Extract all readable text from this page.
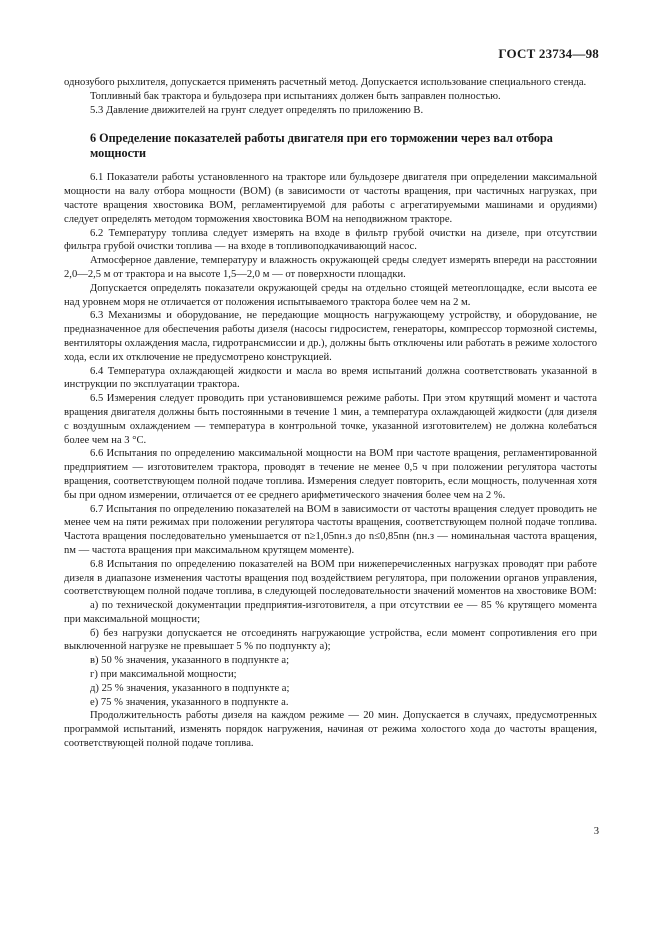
ГОСТ 23734—98

однозубого рыхлителя, допускается применять расчетный метод. Допускается использование специального стенда.

Топливный бак трактора и бульдозера при испытаниях должен быть заправлен полностью.

5.3 Давление движителей на грунт следует определять по приложению В.

6 Определение показателей работы двигателя при его торможении через вал отбора мощности

6.1 Показатели работы установленного на тракторе или бульдозере двигателя при определении максимальной мощности на валу отбора мощности (ВОМ) (в зависимости от частоты вращения, при частичных нагрузках, при частоте вращения хвостовика ВОМ, регламентируемой для работы с агрегатируемыми машинами и орудиями) следует определять методом торможения хвостовика ВОМ на неподвижном тракторе.

6.2 Температуру топлива следует измерять на входе в фильтр грубой очистки на дизеле, при отсутствии фильтра грубой очистки топлива — на входе в топливоподкачивающий насос.

Атмосферное давление, температуру и влажность окружающей среды следует измерять впереди на расстоянии 2,0—2,5 м от трактора и на высоте 1,5—2,0 м — от поверхности площадки.

Допускается определять показатели окружающей среды на отдельно стоящей метеоплощадке, если высота ее над уровнем моря не отличается от положения испытываемого трактора более чем на 2 м.

6.3 Механизмы и оборудование, не передающие мощность нагружающему устройству, и оборудование, не предназначенное для обеспечения работы дизеля (насосы гидросистем, генераторы, компрессор тормозной системы, вентиляторы охлаждения масла, гидротрансмиссии и др.), должны быть отключены или работать в режиме холостого хода, если их отключение не предусмотрено конструкцией.

6.4 Температура охлаждающей жидкости и масла во время испытаний должна соответствовать указанной в инструкции по эксплуатации трактора.

6.5 Измерения следует проводить при установившемся режиме работы. При этом крутящий момент и частота вращения двигателя должны быть постоянными в течение 1 мин, а температура охлаждающей жидкости (для дизеля с воздушным охлаждением — температура в контрольной точке, указанной изготовителем) не должна колебаться более чем на 3 °С.

6.6 Испытания по определению максимальной мощности на ВОМ при частоте вращения, регламентированной предприятием — изготовителем трактора, проводят в течение не менее 0,5 ч при положении регулятора частоты вращения, соответствующем полной подаче топлива. Измерения следует повторить, если мощность, полученная хотя бы при одном измерении, отличается от ее среднего арифметического значения более чем на 2 %.

6.7 Испытания по определению показателей на ВОМ в зависимости от частоты вращения следует проводить не менее чем на пяти режимах при положении регулятора частоты вращения, соответствующем полной подаче топлива. Частота вращения последовательно уменьшается от n≥1,05nн.з до n≤0,85nн (nн.з — номинальная частота вращения, nм — частота вращения при максимальном крутящем моменте).

6.8 Испытания по определению показателей на ВОМ при нижеперечисленных нагрузках проводят при работе дизеля в диапазоне изменения частоты вращения под воздействием регулятора, при положении органов управления, соответствующем полной подаче топлива, в следующей последовательности значений моментов на хвостовике ВОМ:

а) по технической документации предприятия-изготовителя, а при отсутствии ее — 85 % крутящего момента при максимальной мощности;

б) без нагрузки допускается не отсоединять нагружающие устройства, если момент сопротивления его при выключенной нагрузке не превышает 5 % по подпункту а);

в) 50 % значения, указанного в подпункте а;

г) при максимальной мощности;

д) 25 % значения, указанного в подпункте а;

е) 75 % значения, указанного в подпункте а.

Продолжительность работы дизеля на каждом режиме — 20 мин. Допускается в случаях, предусмотренных программой испытаний, изменять порядок нагружения, начиная от режима холостого хода до частоты вращения, соответствующей полной подаче топлива.

3
